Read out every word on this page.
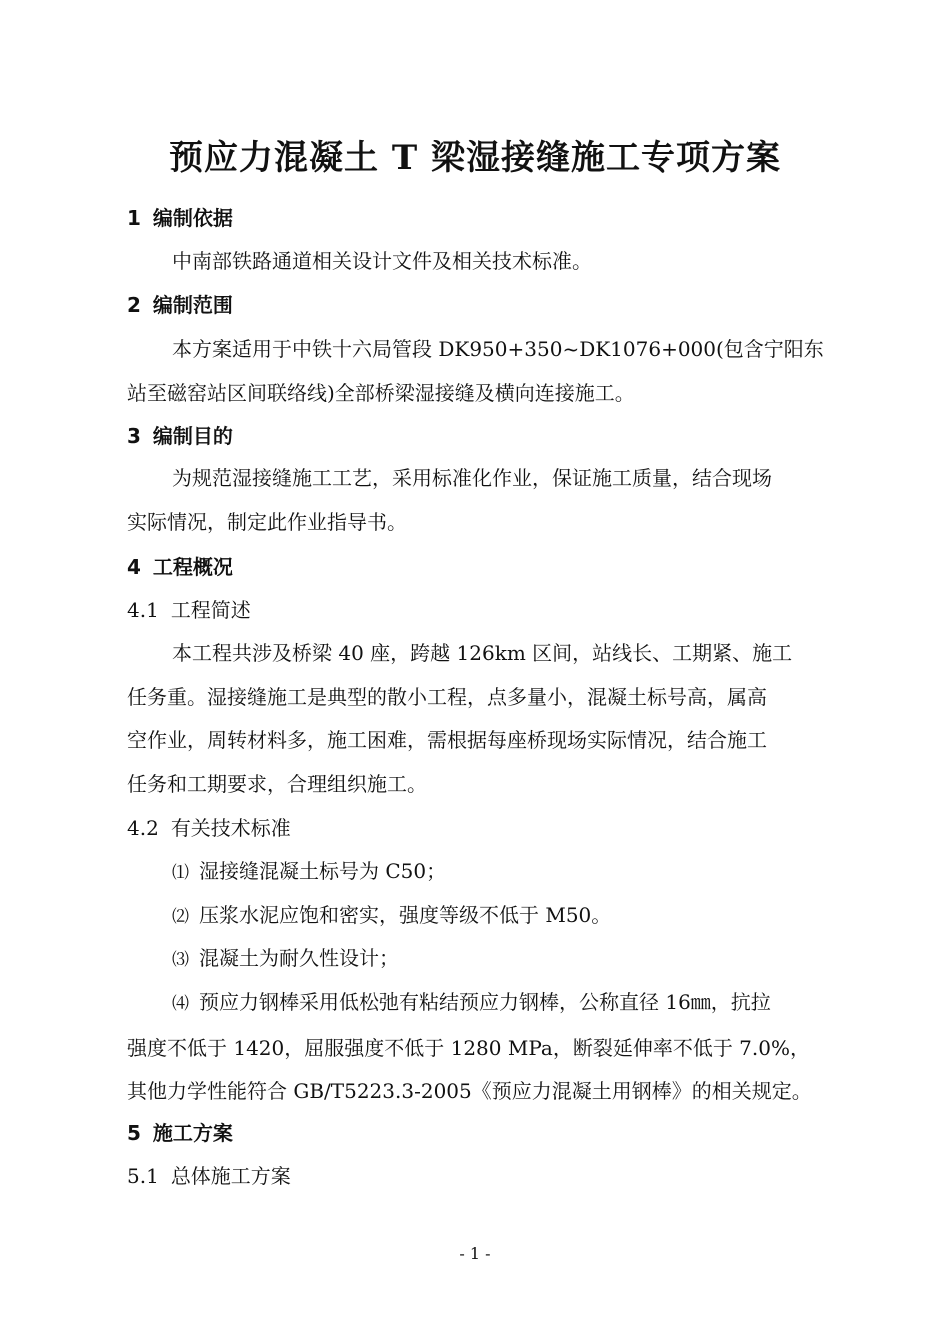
预应力混凝土 T 梁湿接缝施工专项方案
1 编制依据
中南部铁路通道相关设计文件及相关技术标准。
2 编制范围
本方案适用于中铁十六局管段 DK950+350~DK1076+000(包含宁阳东
站至磁窑站区间联络线)全部桥梁湿接缝及横向连接施工。
3 编制目的
为规范湿接缝施工工艺，采用标准化作业，保证施工质量，结合现场
实际情况，制定此作业指导书。
4 工程概况
4.1 工程简述
本工程共涉及桥梁 40 座，跨越 126km 区间，站线长、工期紧、施工
任务重。湿接缝施工是典型的散小工程，点多量小，混凝土标号高，属高
空作业，周转材料多，施工困难，需根据每座桥现场实际情况，结合施工
任务和工期要求，合理组织施工。
4.2 有关技术标准
⑴ 湿接缝混凝土标号为 C50；
⑵ 压浆水泥应饱和密实，强度等级不低于 M50。
⑶ 混凝土为耐久性设计；
⑷ 预应力钢棒采用低松弛有粘结预应力钢棒，公称直径 16㎜，抗拉
强度不低于 1420，屈服强度不低于 1280 MPa，断裂延伸率不低于 7.0%，
其他力学性能符合 GB/T5223.3-2005《预应力混凝土用钢棒》的相关规定。
5 施工方案
5.1 总体施工方案
- 1 -
